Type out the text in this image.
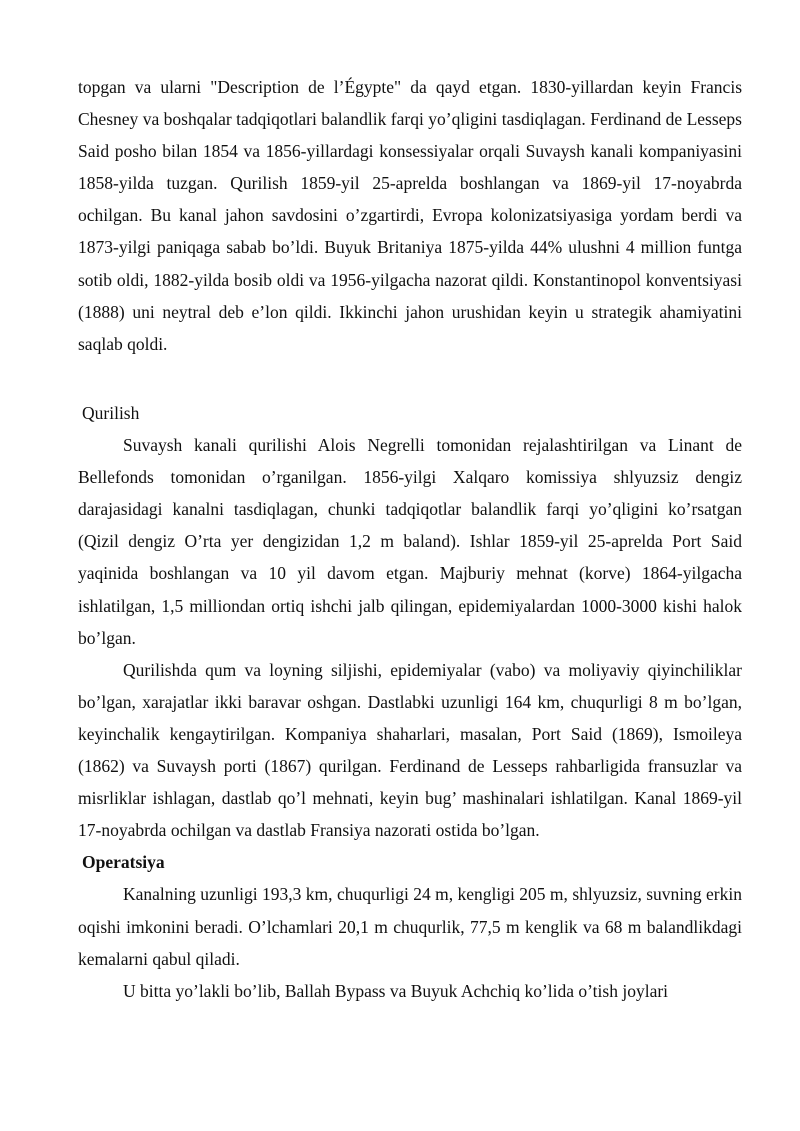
topgan va ularni "Description de l’Égypte" da qayd etgan. 1830-yillardan keyin Francis Chesney va boshqalar tadqiqotlari balandlik farqi yo’qligini tasdiqlagan. Ferdinand de Lesseps Said posho bilan 1854 va 1856-yillardagi konsessiyalar orqali Suvaysh kanali kompaniyasini 1858-yilda tuzgan. Qurilish 1859-yil 25-aprelda boshlangan va 1869-yil 17-noyabrda ochilgan. Bu kanal jahon savdosini o’zgartirdi, Evropa kolonizatsiyasiga yordam berdi va 1873-yilgi paniqaga sabab bo’ldi. Buyuk Britaniya 1875-yilda 44% ulushni 4 million funtga sotib oldi, 1882-yilda bosib oldi va 1956-yilgacha nazorat qildi. Konstantinopol konventsiyasi (1888) uni neytral deb e’lon qildi. Ikkinchi jahon urushidan keyin u strategik ahamiyatini saqlab qoldi.

Qurilish

Suvaysh kanali qurilishi Alois Negrelli tomonidan rejalashtirilgan va Linant de Bellefonds tomonidan o’rganilgan. 1856-yilgi Xalqaro komissiya shlyuzsiz dengiz darajasidagi kanalni tasdiqlagan, chunki tadqiqotlar balandlik farqi yo’qligini ko’rsatgan (Qizil dengiz O’rta yer dengizidan 1,2 m baland). Ishlar 1859-yil 25-aprelda Port Said yaqinida boshlangan va 10 yil davom etgan. Majburiy mehnat (korve) 1864-yilgacha ishlatilgan, 1,5 milliondan ortiq ishchi jalb qilingan, epidemiyalardan 1000-3000 kishi halok bo’lgan.

Qurilishda qum va loyning siljishi, epidemiyalar (vabo) va moliyaviy qiyinchiliklar bo’lgan, xarajatlar ikki baravar oshgan. Dastlabki uzunligi 164 km, chuqurligi 8 m bo’lgan, keyinchalik kengaytirilgan. Kompaniya shaharlari, masalan, Port Said (1869), Ismoileya (1862) va Suvaysh porti (1867) qurilgan. Ferdinand de Lesseps rahbarligida fransuzlar va misrliklar ishlagan, dastlab qo’l mehnati, keyin bug’ mashinalari ishlatilgan. Kanal 1869-yil 17-noyabrda ochilgan va dastlab Fransiya nazorati ostida bo’lgan.

Operatsiya

Kanalning uzunligi 193,3 km, chuqurligi 24 m, kengligi 205 m, shlyuzsiz, suvning erkin oqishi imkonini beradi. O’lchamlari 20,1 m chuqurlik, 77,5 m kenglik va 68 m balandlikdagi kemalarni qabul qiladi.

U bitta yo’lakli bo’lib, Ballah Bypass va Buyuk Achchiq ko’lida o’tish joylari
